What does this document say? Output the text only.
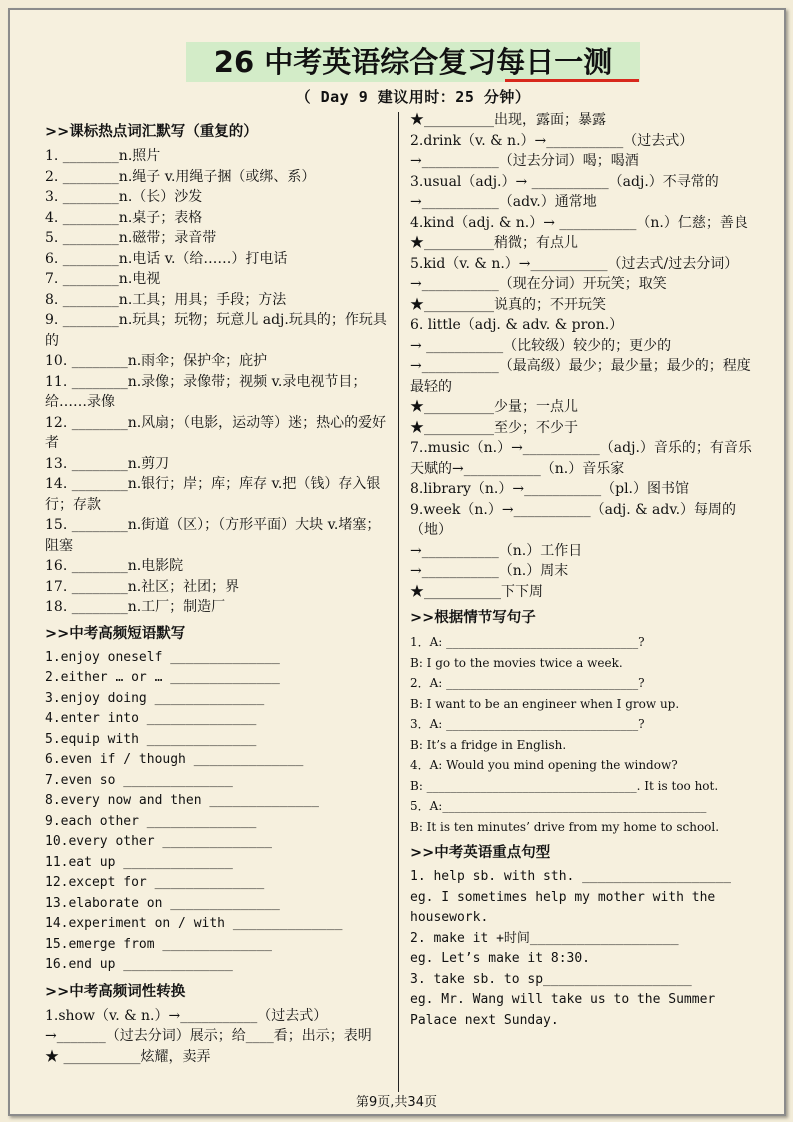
26 中考英语综合复习每日一测
（ Day 9 建议用时：25 分钟）
>>课标热点词汇默写（重复的）
1. ________n.照片
2. ________n.绳子 v.用绳子捆（或绑、系）
3. ________n.（长）沙发
4. ________n.桌子；表格
5. ________n.磁带；录音带
6. ________n.电话 v.（给……）打电话
7. ________n.电视
8. ________n.工具；用具；手段；方法
9. ________n.玩具；玩物；玩意儿 adj.玩具的；作玩具的
10. ________n.雨伞；保护伞；庇护
11. ________n.录像；录像带；视频 v.录电视节目；给……录像
12. ________n.风扇；（电影，运动等）迷；热心的爱好者
13. ________n.剪刀
14. ________n.银行；岸；库；库存 v.把（钱）存入银行；存款
15. ________n.街道（区）；（方形平面）大块 v.堵塞；阻塞
16. ________n.电影院
17. ________n.社区；社团；界
18. ________n.工厂；制造厂
>>中考高频短语默写
1.enjoy oneself ______________
2.either … or … ______________
3.enjoy doing ______________
4.enter into ______________
5.equip with ______________
6.even if / though ______________
7.even so ______________
8.every now and then ______________
9.each other ______________
10.every other ______________
11.eat up ______________
12.except for ______________
13.elaborate on ______________
14.experiment on / with ______________
15.emerge from ______________
16.end up ______________
>>中考高频词性转换
1.show（v. & n.）→___________（过去式）
→_______（过去分词）展示；给____看；出示；表明
★ ___________炫耀，卖弄
★__________出现，露面；暴露
2.drink（v. & n.）→___________（过去式）
→___________（过去分词）喝；喝酒
3.usual（adj.）→ ___________（adj.）不寻常的→___________（adv.）通常地
4.kind（adj. & n.）→ ___________（n.）仁慈；善良
★__________稍微；有点儿
5.kid（v. & n.）→___________（过去式/过去分词）
→___________（现在分词）开玩笑；取笑
★__________说真的；不开玩笑
6. little（adj. & adv. & pron.）
→ ___________（比较级）较少的；更少的
→___________（最高级）最少；最少量；最少的；程度最轻的
★__________少量；一点儿
★__________至少；不少于
7..music（n.）→___________（adj.）音乐的；有音乐天赋的→___________（n.）音乐家
8.library（n.）→___________（pl.）图书馆
9.week（n.）→___________（adj. & adv.）每周的（地）
→___________（n.）工作日
→___________（n.）周末
★___________下下周
>>根据情节写句子
1．A: ________________________________?
B: I go to the movies twice a week.
2．A: ________________________________?
B: I want to be an engineer when I grow up.
3．A: ________________________________?
B: It’s a fridge in English.
4．A: Would you mind opening the window?
B: ___________________________________. It is too hot.
5．A:____________________________________________
B: It is ten minutes’ drive from my home to school.
>>中考英语重点句型
1. help sb. with sth. ___________________
eg. I sometimes help my mother with the housework.
2. make it +时间___________________
eg. Let’s make it 8:30.
3. take sb. to sp___________________
eg. Mr. Wang will take us to the Summer Palace next Sunday.
第9页,共34页
